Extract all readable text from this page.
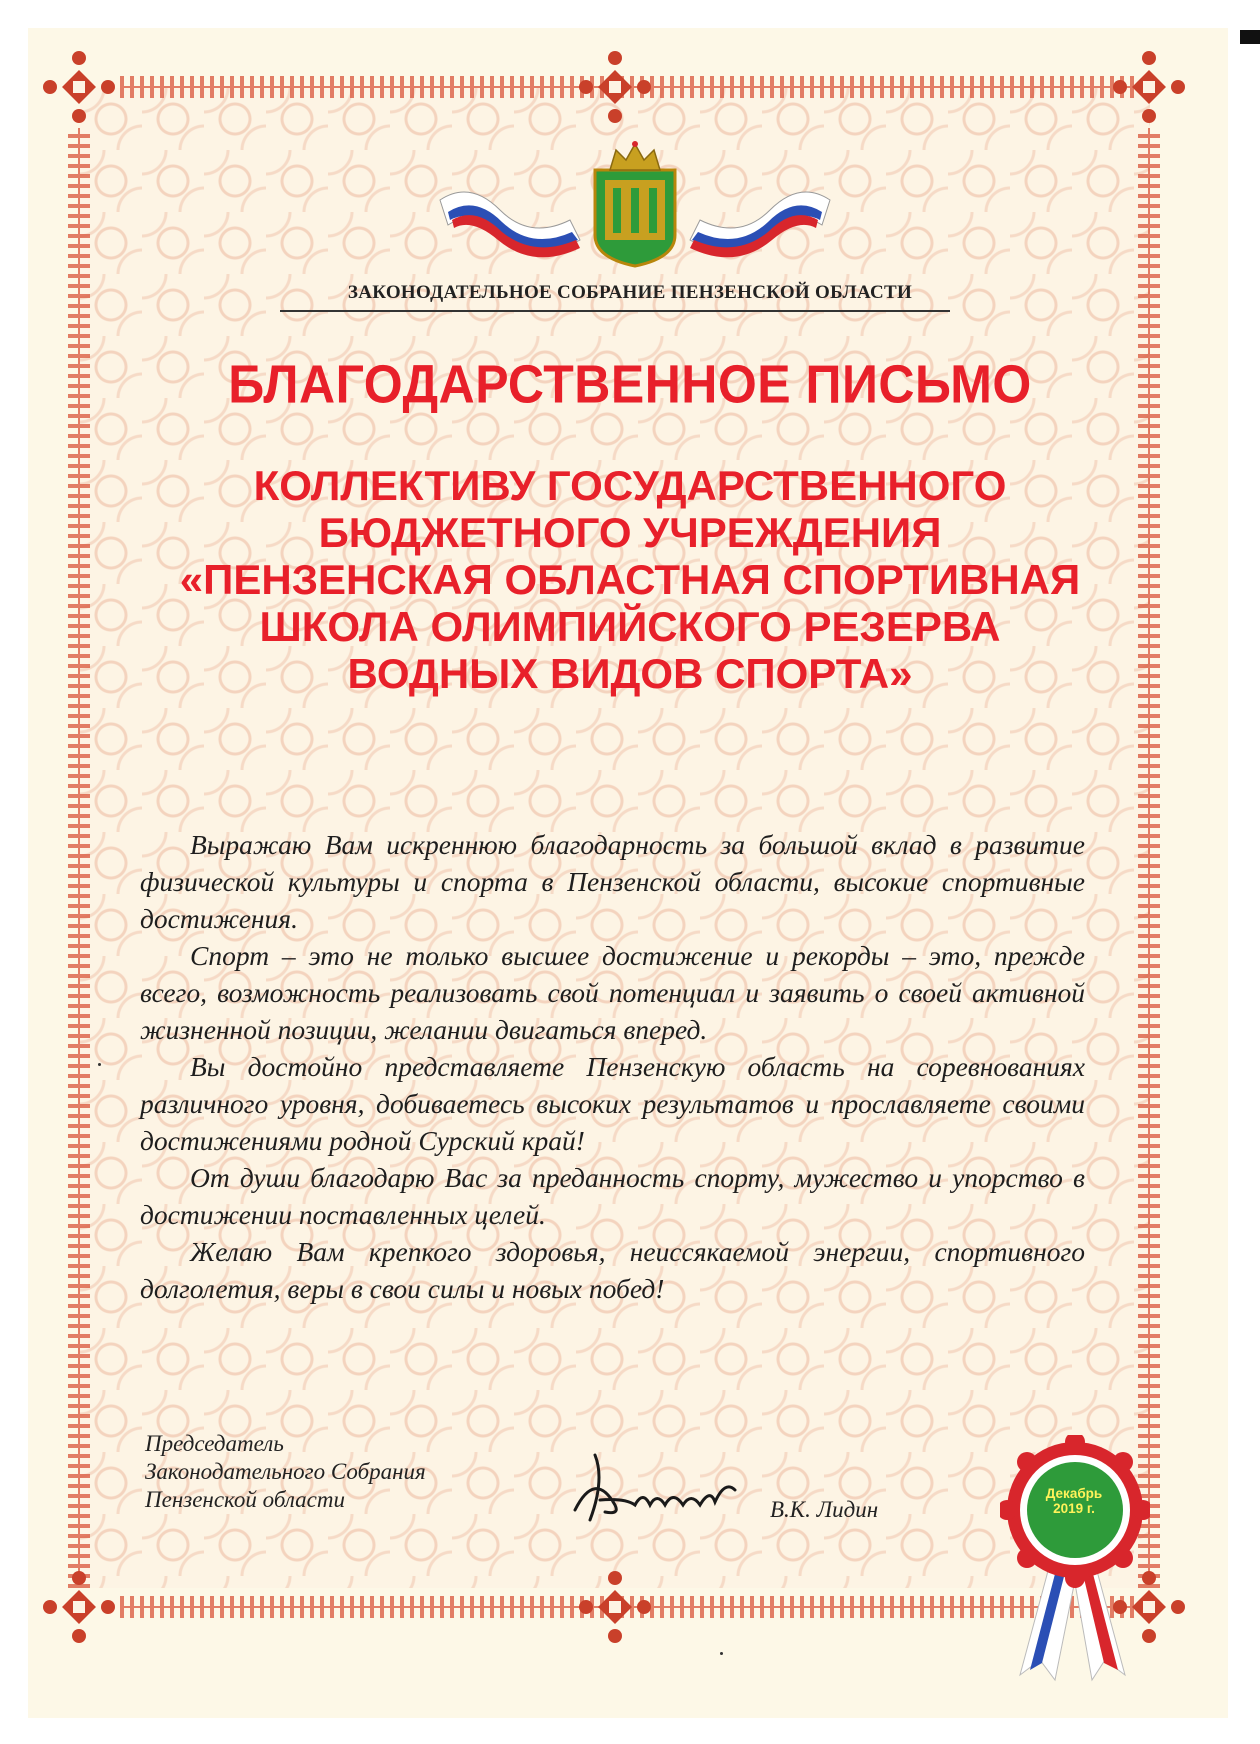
ЗАКОНОДАТЕЛЬНОЕ СОБРАНИЕ ПЕНЗЕНСКОЙ ОБЛАСТИ
БЛАГОДАРСТВЕННОЕ ПИСЬМО
КОЛЛЕКТИВУ ГОСУДАРСТВЕННОГО
БЮДЖЕТНОГО УЧРЕЖДЕНИЯ
«ПЕНЗЕНСКАЯ ОБЛАСТНАЯ СПОРТИВНАЯ
ШКОЛА ОЛИМПИЙСКОГО РЕЗЕРВА
ВОДНЫХ ВИДОВ СПОРТА»

Выражаю Вам искреннюю благодарность за большой вклад в развитие физической культуры и спорта в Пензенской области, высокие спортивные достижения.

Спорт – это не только высшее достижение и рекорды – это, прежде всего, возможность реализовать свой потенциал и заявить о своей активной жизненной позиции, желании двигаться вперед.

Вы достойно представляете Пензенскую область на соревнованиях различного уровня, добиваетесь высоких результатов и прославляете своими достижениями родной Сурский край!

От души благодарю Вас за преданность спорту, мужество и упорство в достижении поставленных целей.

Желаю Вам крепкого здоровья, неиссякаемой энергии, спортивного долголетия, веры в свои силы и новых побед!

Председатель
Законодательного Собрания
Пензенской области	В.К. Лидин
Декабрь
2019 г.
